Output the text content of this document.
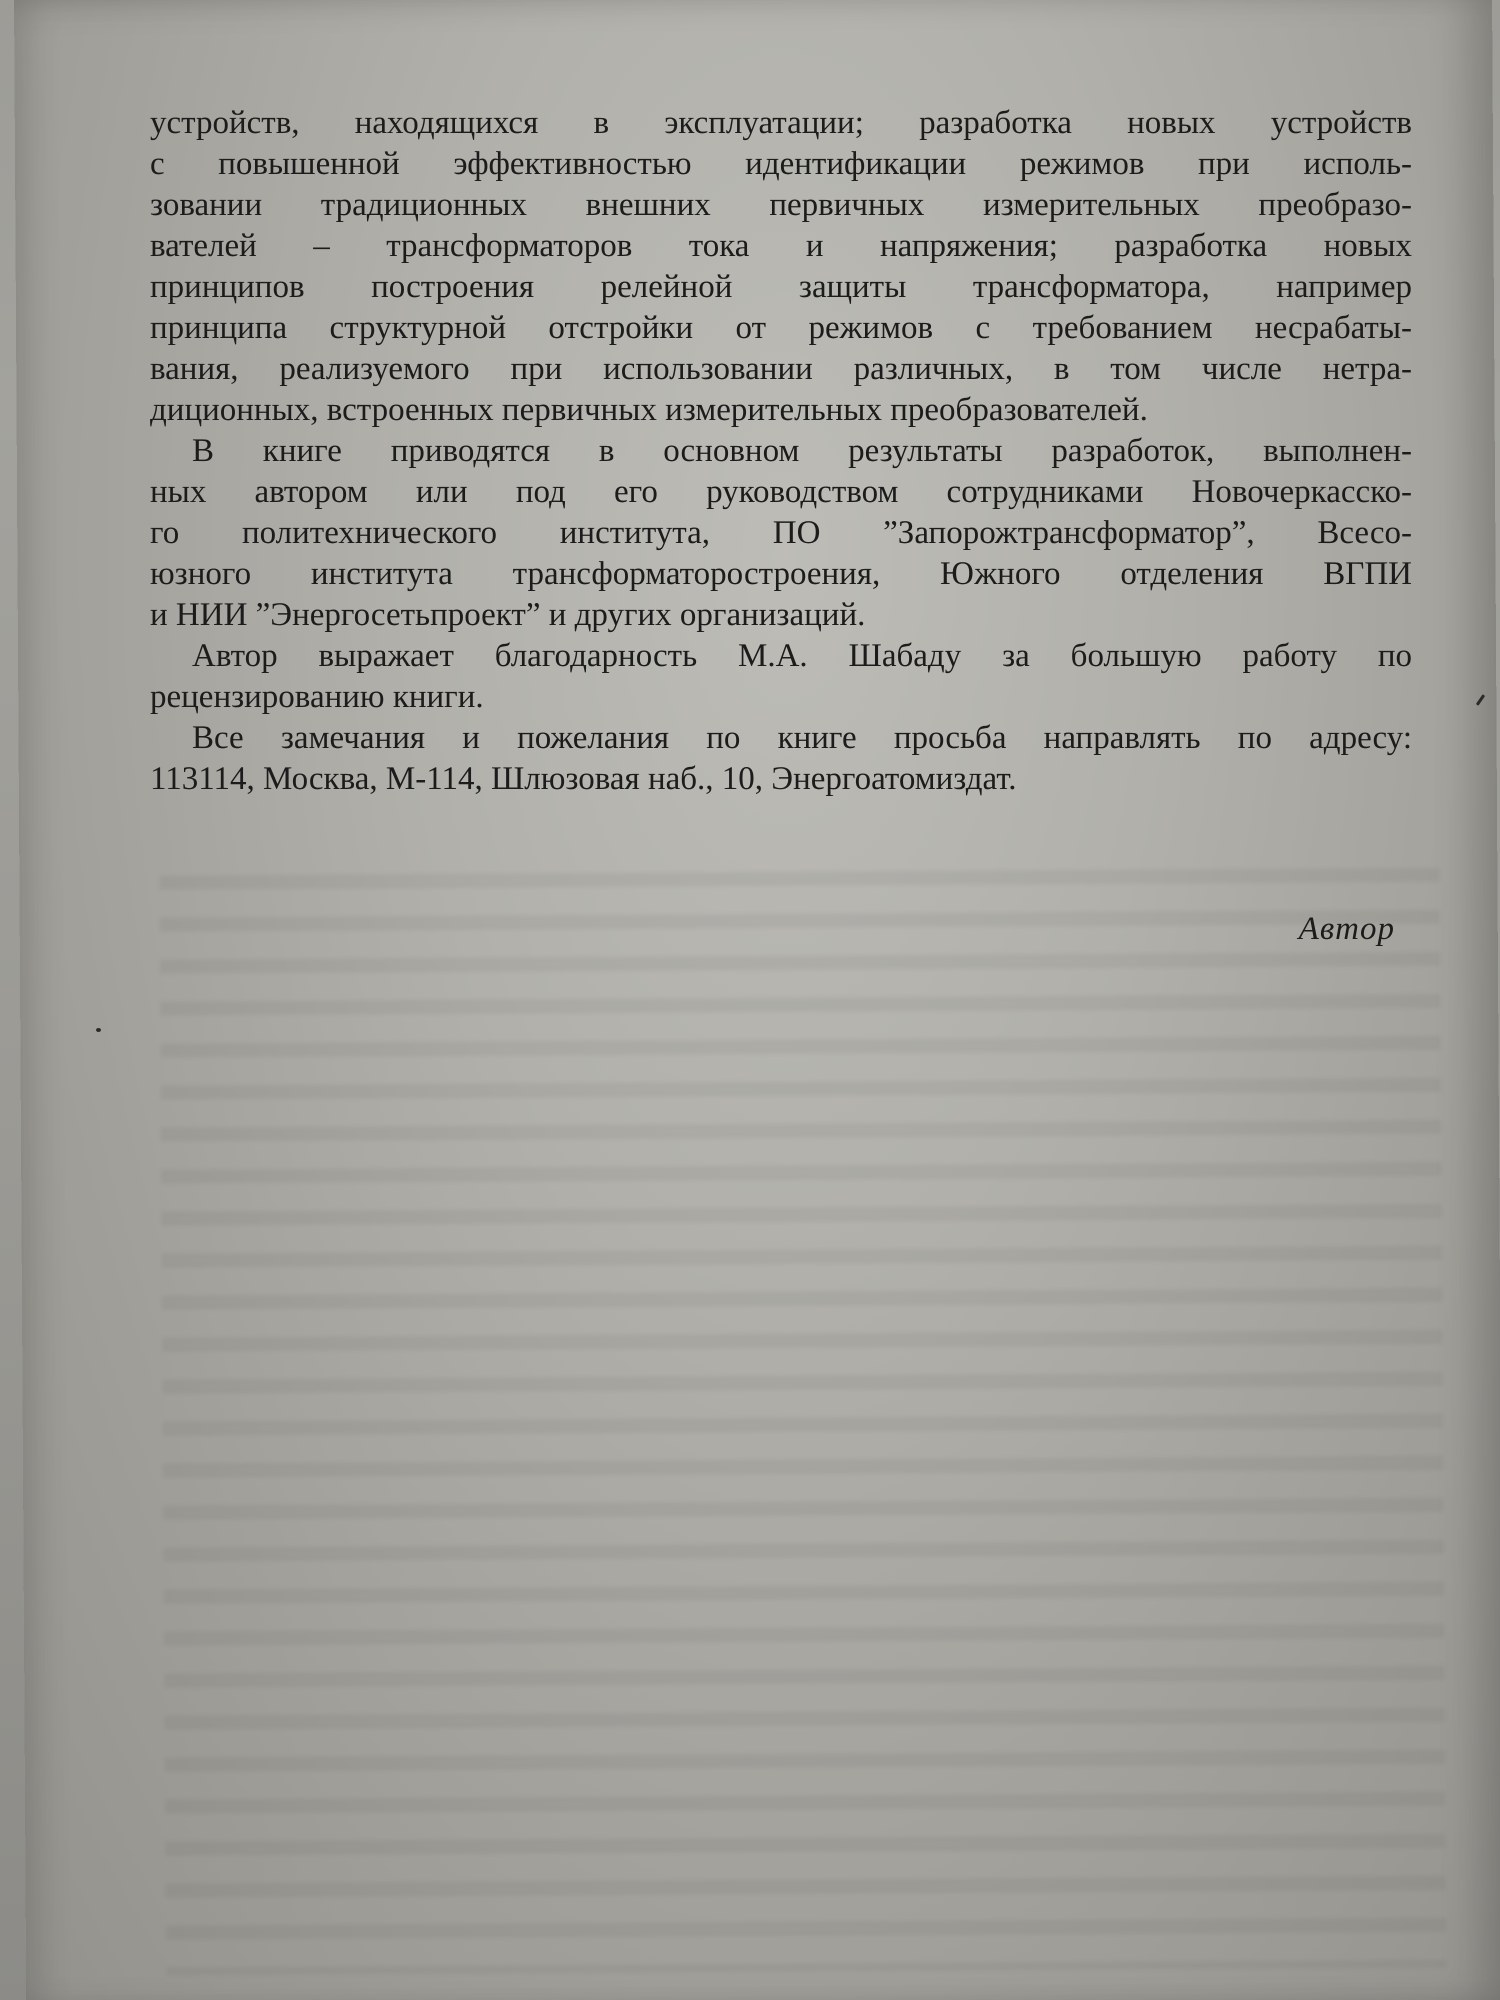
устройств, находящихся в эксплуатации; разработка новых устройств
с повышенной эффективностью идентификации режимов при исполь-
зовании традиционных внешних первичных измерительных преобразо-
вателей – трансформаторов тока и напряжения; разработка новых
принципов построения релейной защиты трансформатора, например
принципа структурной отстройки от режимов с требованием несрабаты-
вания, реализуемого при использовании различных, в том числе нетра-
диционных, встроенных первичных измерительных преобразователей.
В книге приводятся в основном результаты разработок, выполнен-
ных автором или под его руководством сотрудниками Новочеркасско-
го политехнического института, ПО ”Запорожтрансформатор”, Всесо-
юзного института трансформаторостроения, Южного отделения ВГПИ
и НИИ ”Энергосетьпроект” и других организаций.
Автор выражает благодарность М.А. Шабаду за большую работу по
рецензированию книги.
Все замечания и пожелания по книге просьба направлять по адресу:
113114, Москва, М-114, Шлюзовая наб., 10, Энергоатомиздат.
Автор
